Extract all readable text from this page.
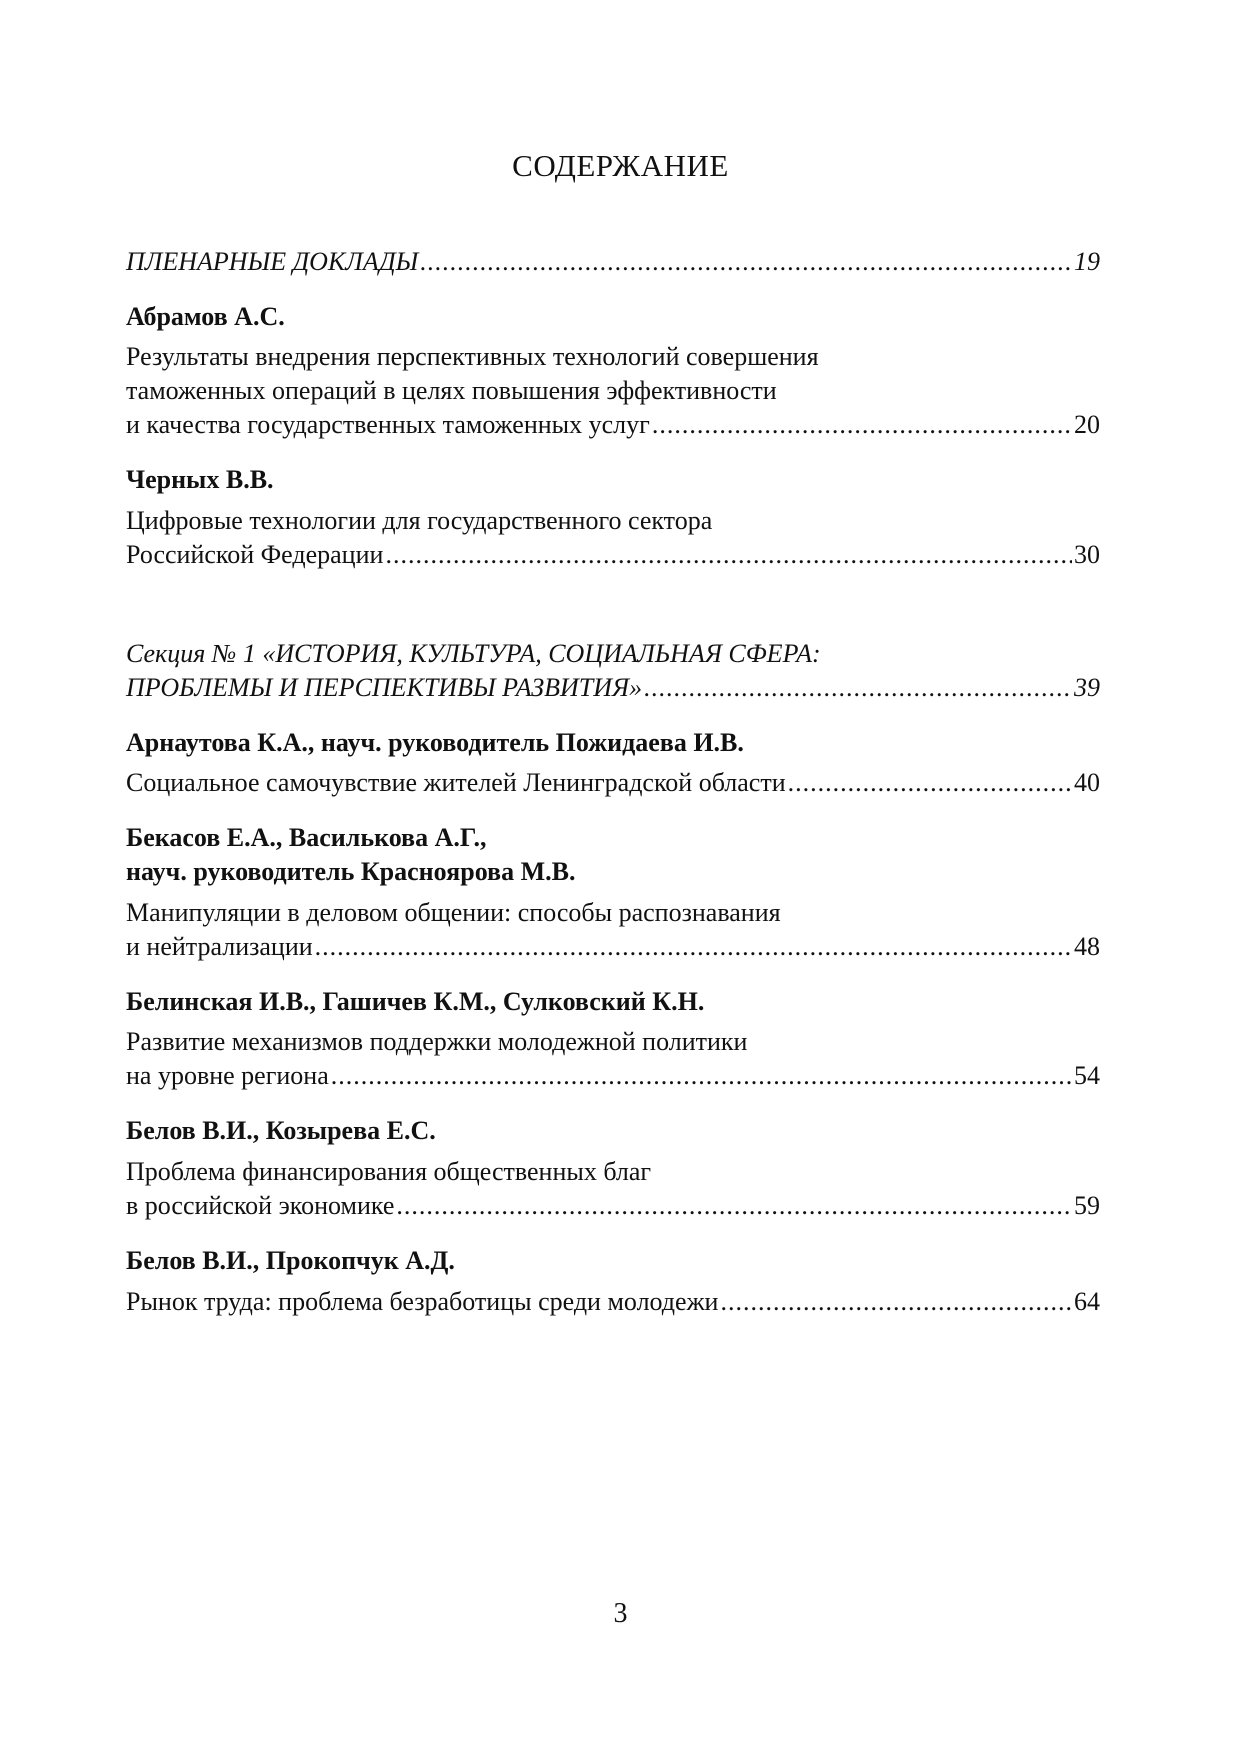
СОДЕРЖАНИЕ
ПЛЕНАРНЫЕ ДОКЛАДЫ .....	19
Абрамов А.С.
Результаты внедрения перспективных технологий совершения
таможенных операций в целях повышения эффективности
и качества государственных таможенных услуг .....	20
Черных В.В.
Цифровые технологии для государственного сектора
Российской Федерации .....	30
Секция № 1 «ИСТОРИЯ, КУЛЬТУРА, СОЦИАЛЬНАЯ СФЕРА:
ПРОБЛЕМЫ И ПЕРСПЕКТИВЫ РАЗВИТИЯ» .....	39
Арнаутова К.А., науч. руководитель Пожидаева И.В.
Социальное самочувствие жителей Ленинградской области .....	40
Бекасов Е.А., Василькова А.Г.,
науч. руководитель Красноярова М.В.
Манипуляции в деловом общении: способы распознавания
и нейтрализации .....	48
Белинская И.В., Гашичев К.М., Сулковский К.Н.
Развитие механизмов поддержки молодежной политики
на уровне региона .....	54
Белов В.И., Козырева Е.С.
Проблема финансирования общественных благ
в российской экономике .....	59
Белов В.И., Прокопчук А.Д.
Рынок труда: проблема безработицы среди молодежи .....	64
3
